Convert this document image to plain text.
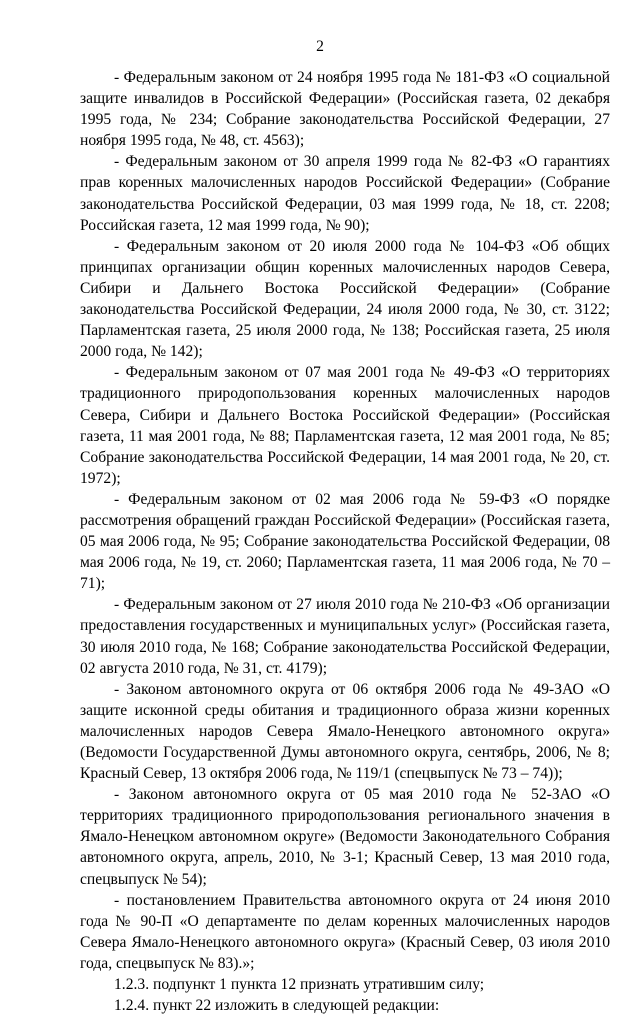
2

- Федеральным законом от 24 ноября 1995 года № 181-ФЗ «О социальной защите инвалидов в Российской Федерации» (Российская газета, 02 декабря 1995 года, № 234; Собрание законодательства Российской Федерации, 27 ноября 1995 года, № 48, ст. 4563);

- Федеральным законом от 30 апреля 1999 года № 82-ФЗ «О гарантиях прав коренных малочисленных народов Российской Федерации» (Собрание законодательства Российской Федерации, 03 мая 1999 года, № 18, ст. 2208; Российская газета, 12 мая 1999 года, № 90);

- Федеральным законом от 20 июля 2000 года № 104-ФЗ «Об общих принципах организации общин коренных малочисленных народов Севера, Сибири и Дальнего Востока Российской Федерации» (Собрание законодательства Российской Федерации, 24 июля 2000 года, № 30, ст. 3122; Парламентская газета, 25 июля 2000 года, № 138; Российская газета, 25 июля 2000 года, № 142);

- Федеральным законом от 07 мая 2001 года № 49-ФЗ «О территориях традиционного природопользования коренных малочисленных народов Севера, Сибири и Дальнего Востока Российской Федерации» (Российская газета, 11 мая 2001 года, № 88; Парламентская газета, 12 мая 2001 года, № 85; Собрание законодательства Российской Федерации, 14 мая 2001 года, № 20, ст. 1972);

- Федеральным законом от 02 мая 2006 года № 59-ФЗ «О порядке рассмотрения обращений граждан Российской Федерации» (Российская газета, 05 мая 2006 года, № 95; Собрание законодательства Российской Федерации, 08 мая 2006 года, № 19, ст. 2060; Парламентская газета, 11 мая 2006 года, № 70 – 71);

- Федеральным законом от 27 июля 2010 года № 210-ФЗ «Об организации предоставления государственных и муниципальных услуг» (Российская газета, 30 июля 2010 года, № 168; Собрание законодательства Российской Федерации, 02 августа 2010 года, № 31, ст. 4179);

- Законом автономного округа от 06 октября 2006 года № 49-ЗАО «О защите исконной среды обитания и традиционного образа жизни коренных малочисленных народов Севера Ямало-Ненецкого автономного округа» (Ведомости Государственной Думы автономного округа, сентябрь, 2006, № 8; Красный Север, 13 октября 2006 года, № 119/1 (спецвыпуск № 73 – 74));

- Законом автономного округа от 05 мая 2010 года № 52-ЗАО «О территориях традиционного природопользования регионального значения в Ямало-Ненецком автономном округе» (Ведомости Законодательного Собрания автономного округа, апрель, 2010, № 3-1; Красный Север, 13 мая 2010 года, спецвыпуск № 54);

- постановлением Правительства автономного округа от 24 июня 2010 года № 90-П «О департаменте по делам коренных малочисленных народов Севера Ямало-Ненецкого автономного округа» (Красный Север, 03 июля 2010 года, спецвыпуск № 83).»;

1.2.3. подпункт 1 пункта 12 признать утратившим силу;

1.2.4. пункт 22 изложить в следующей редакции:
